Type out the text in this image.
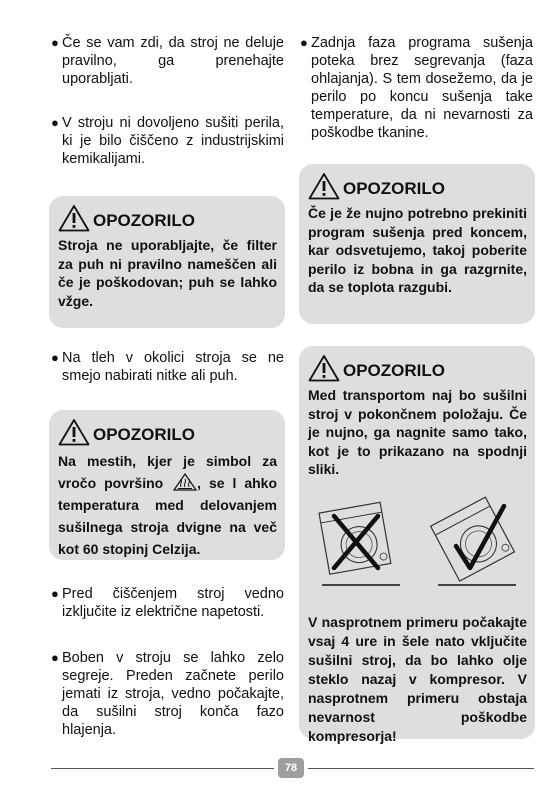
● Če se vam zdi, da stroj ne deluje pravilno, ga prenehajte uporabljati.
● V stroju ni dovoljeno sušiti perila, ki je bilo čiščeno z industrijskimi kemikalijami.
OPOZORILO
Stroja ne uporabljajte, če filter za puh ni pravilno nameščen ali če je poškodovan; puh se lahko vžge.
● Na tleh v okolici stroja se ne smejo nabirati nitke ali puh.
OPOZORILO
Na mestih, kjer je simbol za vročo površino , se l ahko temperatura med delovanjem sušilnega stroja dvigne na več kot 60 stopinj Celzija.
● Pred čiščenjem stroj vedno izključite iz električne napetosti.
● Boben v stroju se lahko zelo segreje. Preden začnete perilo jemati iz stroja, vedno počakajte, da sušilni stroj konča fazo hlajenja.
● Zadnja faza programa sušenja poteka brez segrevanja (faza ohlajanja). S tem dosežemo, da je perilo po koncu sušenja take temperature, da ni nevarnosti za poškodbe tkanine.
OPOZORILO
Če je že nujno potrebno prekiniti program sušenja pred koncem, kar odsvetujemo, takoj poberite perilo iz bobna in ga razgrnite, da se toplota razgubi.
OPOZORILO
Med transportom naj bo sušilni stroj v pokončnem položaju. Če je nujno, ga nagnite samo tako, kot je to prikazano na spodnji sliki.
V nasprotnem primeru počakajte vsaj 4 ure in šele nato vključite sušilni stroj, da bo lahko olje steklo nazaj v kompresor. V nasprotnem primeru obstaja nevarnost poškodbe kompresorja!
78
